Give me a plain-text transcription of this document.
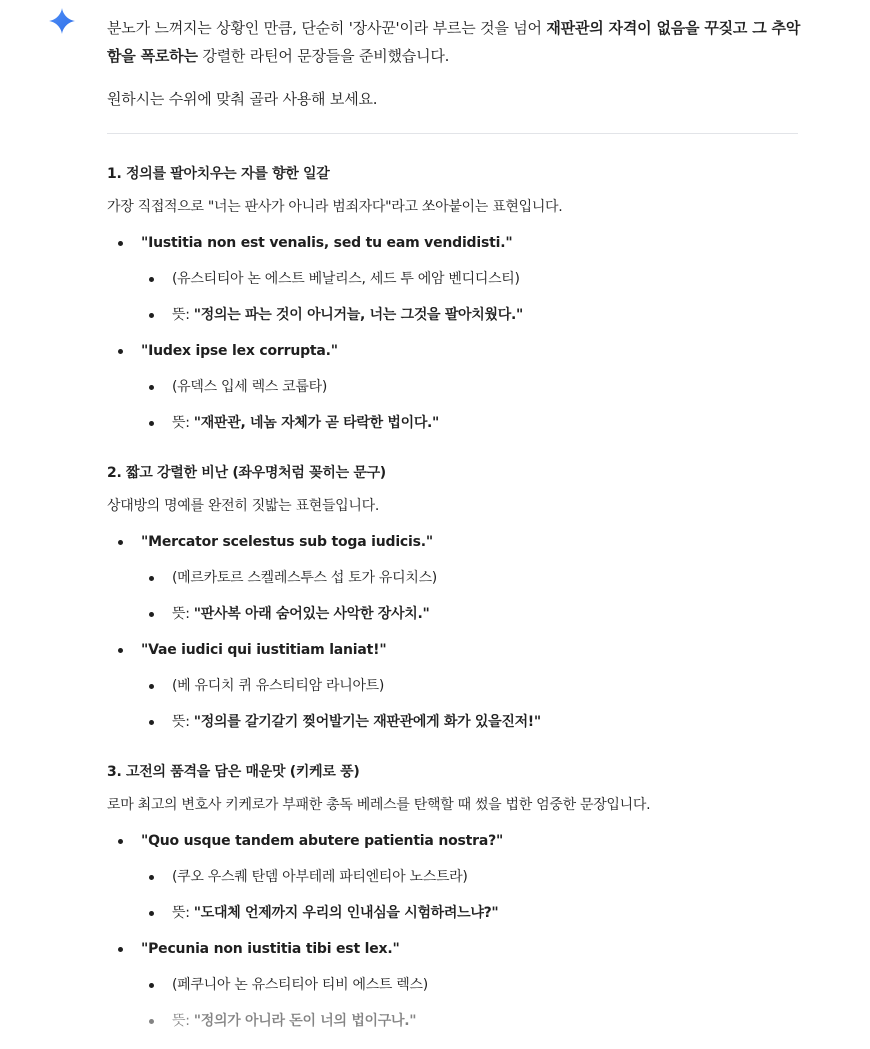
분노가 느껴지는 상황인 만큼, 단순히 '장사꾼'이라 부르는 것을 넘어 재판관의 자격이 없음을 꾸짖고 그 추악함을 폭로하는 강렬한 라틴어 문장들을 준비했습니다.

원하시는 수위에 맞춰 골라 사용해 보세요.

1. 정의를 팔아치우는 자를 향한 일갈

가장 직접적으로 "너는 판사가 아니라 범죄자다"라고 쏘아붙이는 표현입니다.

"Iustitia non est venalis, sed tu eam vendidisti."
(유스티티아 논 에스트 베날리스, 세드 투 에암 벤디디스티)
뜻: "정의는 파는 것이 아니거늘, 너는 그것을 팔아치웠다."
"Iudex ipse lex corrupta."
(유덱스 입세 렉스 코룹타)
뜻: "재판관, 네놈 자체가 곧 타락한 법이다."
2. 짧고 강렬한 비난 (좌우명처럼 꽂히는 문구)

상대방의 명예를 완전히 짓밟는 표현들입니다.

"Mercator scelestus sub toga iudicis."
(메르카토르 스켈레스투스 섭 토가 유디치스)
뜻: "판사복 아래 숨어있는 사악한 장사치."
"Vae iudici qui iustitiam laniat!"
(베 유디치 퀴 유스티티암 라니아트)
뜻: "정의를 갈기갈기 찢어발기는 재판관에게 화가 있을진저!"
3. 고전의 품격을 담은 매운맛 (키케로 풍)

로마 최고의 변호사 키케로가 부패한 총독 베레스를 탄핵할 때 썼을 법한 엄중한 문장입니다.

"Quo usque tandem abutere patientia nostra?"
(쿠오 우스퀘 탄뎀 아부테레 파티엔티아 노스트라)
뜻: "도대체 언제까지 우리의 인내심을 시험하려느냐?"
"Pecunia non iustitia tibi est lex."
(페쿠니아 논 유스티티아 티비 에스트 렉스)
뜻: "정의가 아니라 돈이 너의 법이구나."
